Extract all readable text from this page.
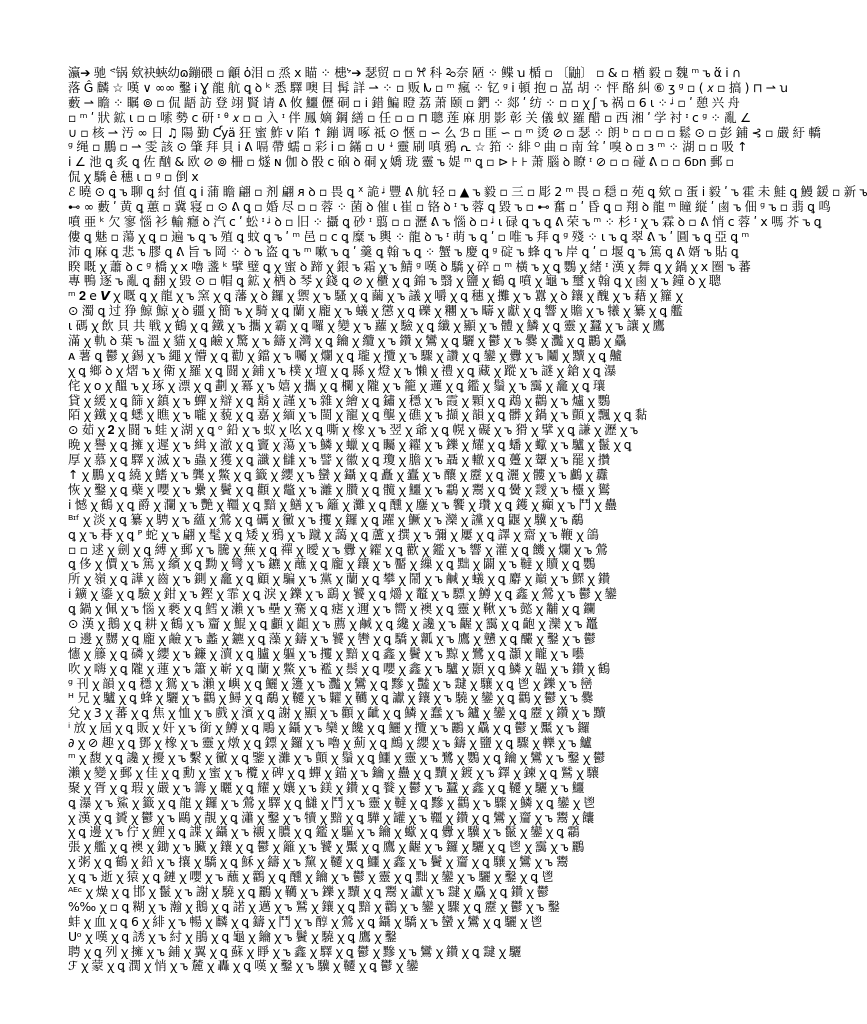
瀛➔ 驰 ᕝ锅 欸袂蛺幼ɷ鏰碨 ▫ 龥 ὁ泪 ▫ 烝 ⅹ 瞄 ⁘ 槵ᔾ➔ 瑟贸 ▫ ▫ ꕮ 科 ꕫ奈 陋 ⁘ 鲽 ꭒ 楯 ▫ 〔鼬〕 ▫ & ▫ 楢 毅 ▫ 魏 ᵐ ꭌ ἅ ⅰ ∩
落 Ĝ 麟 ☆ 嘆 ∨ ∞∞ 鑿 Ꭵ Ɣ 龍 航 ꝗ ꝺ ᵏ 悉 驛 噢 目 髯 詳 ⇀ ⁘ ▫ 贩 ᗃ ▫ ᵐ 瘋 ⁘ 钇 ᵍ ⅰ 頓 抱 ▫ 嵓 胡 ⁘ 怦 酪 糾 ⑥ ʒ ᵍ ▫ ( 𝑥 ▫ 搞 ) ⊓ ⇀ ꭒ
藪 ⇀ 瞻 ⁘ 瞩 ⊚ ▫ 侃 龉 訪 登 翊 賢 请 ᕕ 攸 鱷 儮 硐 ▫ ⅰ 錯 鯿 瞪 荔 萧 颐 ▫ 鍆 ⁘ 郯 ʹ 纺 ⁘ ▫ ▫ ꭓ ʃ ꭌ 祸 ▫ 6 ꙇ ⁘ ᶨ ▫ ʹ 憩 兴 舟
▫ ᵐ ʹ 狀 鉱 ꙇ ▫ ▫ 嗦 勢 ⅽ 研 ᶦ ᶿ 𝑥 ▫ ▫ 入 ᶦ 伴 鳳 嫡 鋼 繕 ▫ 任 ▫ ▫ ⊓ 聰 莲 麻 朋 影 彰 关 儀 蚁 羅 醋 ▫ 西 湘 ʹ 学 衬 ᶦ ⅽ ᵍ ⁘ 亂 ∠
∪ ▫ 核 ⇀ 汚 ∞ 日 ♫ 陽 勤 Ƈyä 狂 蜜 鮓 ⅴ 陷 ↑ 鏰 调 啄 祗 ⊙ 愜 ▫ ∽ 么 ℬ ▫ 匪 ∽ ▫ ᵐ 烫 ⊘ ▫ 瑟 ⁘ 朗 ᵇ ▫ ▫ ▫ ▫ 鬆 ⊙ ▫ 彭 鋪 ⊰ ▫ 嚴 紆 轎
ᵍ 绳 ▫ 鵬 ▫ ⇀ 雯 該 ⊙ 肇 拜 貝 ⅰ ᕕ 嗝 帶 蠕 ▫ 彩 ⅰ ▫ 鏋 ▫ ∪ ꜜ 靈 刷 嗔 鴉 ᕆ ☆ 筘 ⁘ 緋 ᴼ 曲 ▫ 南 耸 ʹ 嗅 ꝺ ▫ ɜ ᵐ ⁘ 湖 ▫ ▫ 吸 ↑
ⅰ ∠ 池 ꝗ 炙 ꝗ 佐 酗 & 欧 ⊘ ⊚ 柵 ▫ 燧 ɴ 伽 ꝺ 骰 ⅽ 硇 ꝺ 硐 ꭓ 嬌 珑 靈 ꭌ 媞 ᵐ ꝗ ▫ ⊳ ⊦ ⊦ 萧 腦 ꝺ 瞭 ᶦ ⊘ ▫ ▫ 碰 ᕕ ▫ ▫ 6ᴅn 郵 ▫
侃 ꭓ 驕 ê 穗 ꙇ ▫ ᵍ ▫ 倒 ⅹ
ℰ 曉 ⊙ ꝗ ꭌ 聊 ꝗ 紂 值 ꝗ ⅰ 蒲 瞻 翩 ▫ 剂 翩 ᴙ ꝺ ▫ 畏 ꝗ ᕁ 詭 ᶨ 豐 ᕕ 航 轻 ▫ ▲ ꭌ 毅 ▫ 三 ▫ 彫 2 ᵐ 畏 ▫ 穏 ▫ 苑 ꝗ 欸 ▫ 蛋 ⅰ 毅 ʹ ꭌ 霍 未 鮭 ꝗ 鰻 鍰 ▫ 新 ꭌ
⊷ ∞ 藪 ʹ 黄 ꝗ 蕙 ▫ 冀 寝 ▫ ⊙ ᕕ ꝗ ▫ 婚 尽 ▫ ▫ 蓉 ⁘ 菌 ꝺ 催 ꙇ 崔 ▫ 铬 ꝺ ᶦ ꭌ 蓉 ꝗ 毀 ꭌ ▫ ⊷ 奮 ▫ ʹ 昏 ꝗ ▫ 翔 ꝺ 龍 ᵐ 瞳 縦 ʹ 鹵 ꭌ 佃 ᵍ ꭌ ▫ 翡 ꝗ 鸣
噴 亜 ᵏ 欠 寥 惱 衫 輸 癮 ꝺ 汽 ⅽ ʹ 蚣 ᶦ ᶨ ꝺ ▫ 旧 ⁘ 攝 ꝗ 砂 ᶦ 翦 ▫ ▫ 瀝 ᕕ ꭌ 惱 ꝺ ▫ ᶨ ꙇ 碌 ꝗ ꭌ ꝗ ᕕ 荣 ꭌ ᵐ ⁘ 杉 ᶦ ꭓ ꭌ 霖 ꝺ ▫ ᕕ 悄 ⅽ 蓉 ʹ ⅹ 嗎 芥 ꭌ ꝗ
僂 ꝗ 魅 ▫ 蕩 ꭓ ꝗ ▫ 遍 ꭌ ꝗ ꭌ 殖 ꝗ 蚊 ꝗ ꭌ ʹ ᵐ 邑 ▫ ⅽ ꝗ 糜 ꭌ 輿 ⁘ 龍 ꝺ ꭌ ᶦ 萌 ꭌ ꝗ ʹ ▫ 唯 ꭌ 拜 ꝗ ᵍ 殘 ⁘ ꙇ ꭌ ꝗ 翠 ᕕ ꭌ ʹ 圓 ꭌ ꝗ 亞 ꝗ ᵐ
沛 ꝗ 麻 ꝗ 悲 ꭌ 膠 ꝗ ᕕ 旨 ꭌ 岡 ⁘ ꝺ ꭌ 盗 ꝗ ꭌ ᵐ 嗽 ꭌ ꝗ ʹ 羹 ꝗ 翰 ꭌ ꝗ ⁘ 蟹 ꭌ 慶 ꝗ ᵍ 碇 ꭌ 蜂 ꝗ ꭌ 岸 ꝗ ʹ ▫ 堰 ꝗ ꭌ 篤 ꝗ ᕕ 婿 ꭌ 貼 ꝗ
睽 嘅 ꭓ 蕭 ꝺ ⅽ ᵍ 橋 ꭓ ⅹ 嚕 盞 ᵏ 擘 璧 ꝗ ꭓ 蜜 ꝺ 蹄 ꭓ 銀 ꭌ 霜 ꭓ ꭌ 鯖 ᵍ 嘆 ꝺ 驕 ꭓ 碎 ▫ ᵐ 橫 ꭌ ꭓ ꝗ 鸚 ꭓ 緒 ᶦ 漢 ꭓ 舞 ꝗ ꭓ 鍋 ꭓ ⅹ 圈 ꭌ 蕃
專 鴨 逐 ꭌ 亂 ꝗ 翻 ꭓ 毀 ⊙ ▫ 帽 ꝗ 鉱 ꭓ 栖 ꝺ 琴 ꭓ 錢 ꝗ ⊘ ꭓ 櫃 ꭓ ꝗ 錦 ꭌ 翳 ꭓ 鹽 ꭓ 鶴 ꝗ 噴 ꭓ 龜 ꭌ 璽 ꭓ 翰 ꝗ ꭓ 鹵 ꭓ ꭌ 鐘 ꝺ ꭓ 聰
ᵐ 𝟐 e 𝙑 ꭓ 嘅 ꝗ ꭓ 龍 ꭓ ꭌ 窯 ꭓ ꝗ 藩 ꭓ ꝺ 鑼 ꭓ 禦 ꭓ ꭌ 騷 ꭓ ꝗ 繭 ꭓ ꭌ 議 ꭓ 嚼 ꭓ ꝗ 穗 ꭓ 攤 ꭓ ꭌ 囂 ꭓ ꝺ 鑲 ꭓ 醜 ꭓ ꭌ 藉 ꭓ 籮 ꭓ
⊙ 濁 ꝗ 过 狰 鯨 鯨 ꭓ ꝺ 疆 ꭓ 簡 ꭌ ꭓ 騎 ꭓ ꝗ 蘭 ꭓ 龐 ꭓ ꭌ 蟻 ꭓ 懲 ꭓ ꝗ 礫 ꭓ 糰 ꭓ ꭌ 疇 ꭓ 獻 ꭓ ꝗ 響 ꭓ 贍 ꭓ ꭌ 犧 ꭓ 纂 ꭓ ꝗ 艦
ꙇ 碼 ꭓ 飲 貝 共 戦 ꭓ 鶴 ꭓ ꝗ 鐵 ꭓ ꭌ 攜 ꭓ 霸 ꭓ ꝗ 囉 ꭓ 變 ꭓ ꭌ 蘿 ꭓ 驗 ꭓ ꝗ 纖 ꭓ 顯 ꭓ ꭌ 體 ꭓ 鱗 ꭓ ꝗ 靈 ꭓ 蠶 ꭓ ꭌ 讓 ꭓ 鷹
滿 ꭓ 軌 ꝺ 葉 ꭌ 溫 ꭓ 貓 ꭓ ꝗ 鹼 ꭓ 驚 ꭓ ꭌ 鑄 ꭓ 灣 ꭓ ꝗ 鑰 ꭓ 纜 ꭓ ꭌ 鑽 ꭓ 鸞 ꭓ ꝗ 驪 ꭓ 鬱 ꭓ ꭌ 爨 ꭓ 灩 ꭓ ꝗ 鸝 ꭓ 驫
ᴀ 薯 ꝗ 鬱 ꭓ 錫 ꭓ ꭌ 繩 ꭓ 懵 ꭓ ꝗ 勸 ꭓ 鐺 ꭓ ꭌ 囑 ꭓ 爛 ꭓ ꝗ 瓏 ꭓ 攬 ꭓ ꭌ 驟 ꭓ 讚 ꭓ ꝗ 鑾 ꭓ 釁 ꭓ ꭌ 鬮 ꭓ 黷 ꭓ ꝗ 齇
ꭓ ꝗ 鄉 ꝺ ꭓ 熠 ꭌ ꭓ 衛 ꭓ 羅 ꭓ ꝗ 闘 ꭓ 鋪 ꭓ ꭌ 樸 ꭓ 壇 ꭓ ꝗ 縣 ꭓ 燈 ꭓ ꭌ 懶 ꭓ 禮 ꭓ ꝗ 藏 ꭓ 蹤 ꭓ ꭌ 謎 ꭓ 鎗 ꭓ ꝗ 瀑
侘 ꭓ ᴏ ꭓ 醞 ꭌ ꭓ 琢 ꭓ 漂 ꭓ ꝗ 劃 ꭓ 冪 ꭓ ꭌ 嬉 ꭓ 攜 ꭓ ꝗ 欄 ꭓ 隴 ꭓ ꭌ 籠 ꭓ 邏 ꭓ ꝗ 鑑 ꭓ 鬚 ꭓ ꭌ 靄 ꭓ 龕 ꭓ ꝗ 瓖
貸 ꭓ 緩 ꭓ ꝗ 篩 ꭓ 鎮 ꭓ ꭌ 蟬 ꭓ 辯 ꭓ ꝗ 鬍 ꭓ 謹 ꭓ ꭌ 雜 ꭓ 繪 ꭓ ꝗ 鏽 ꭓ 穩 ꭓ ꭌ 霞 ꭓ 顆 ꭓ ꝗ 鵡 ꭓ 鸛 ꭓ ꭌ 爐 ꭓ 鸚
陌 ꭓ 鐵 ꭓ ꝗ 蟋 ꭓ 瞧 ꭓ ꭌ 嚨 ꭓ 藐 ꭓ ꝗ 嘉 ꭓ 緬 ꭓ ꭌ 閩 ꭓ 寵 ꭓ ꝗ 壟 ꭓ 礁 ꭓ ꭌ 擷 ꭓ 韻 ꭓ ꝗ 髒 ꭓ 鍋 ꭓ ꭌ 顫 ꭓ 飄 ꭓ ꝗ 黏
⊙ 茹 ꭓ 𝟐 ꭓ 闘 ꭌ 蛙 ꭓ 湖 ꭓ ꝗ ᵒ 鉛 ꭓ ꭌ 蚁 ꭓ 吆 ꭓ ꝗ 嘶 ꭓ 橡 ꭓ ꭌ 翌 ꭓ 爺 ꭓ ꝗ 幌 ꭓ 礙 ꭓ ꭌ 猾 ꭓ 擘 ꭓ ꝗ 謙 ꭓ 瀝 ꭓ ꭌ
晩 ꭓ 譽 ꭓ ꝗ 擁 ꭓ 遲 ꭓ ꭌ 緝 ꭓ 澈 ꭓ ꝗ 竇 ꭓ 蕩 ꭓ ꭌ 鱗 ꭓ 蠟 ꭓ ꝗ 矚 ꭓ 糴 ꭓ ꭌ 鑠 ꭓ 耀 ꭓ ꝗ 蟠 ꭓ 蠍 ꭓ ꭌ 驢 ꭓ 鬣 ꭓ ꝗ
厚 ꭓ 慕 ꭓ ꝗ 驛 ꭓ 滅 ꭓ ꭌ 蟲 ꭓ 獲 ꭓ ꝗ 讖 ꭓ 讎 ꭓ ꭌ 譬 ꭓ 徽 ꭓ ꝗ 瓊 ꭓ 膽 ꭓ ꭌ 聶 ꭓ 轍 ꭓ ꝗ 躉 ꭓ 顰 ꭓ ꭌ 罷 ꭓ 攢
↑ ꭓ 鵬 ꭓ ꝗ 繞 ꭓ 鰭 ꭓ ꭌ 龔 ꭓ 鱉 ꭓ ꝗ 籤 ꭓ 纓 ꭓ ꭌ 蠻 ꭓ 鑷 ꭓ ꝗ 矗 ꭓ 蠹 ꭓ ꭌ 釀 ꭓ 靂 ꭓ ꝗ 灑 ꭓ 髏 ꭓ ꭌ 鸕 ꭓ 纛
恢 ꭓ 鑿 ꭓ ꝗ 蘗 ꭓ 嚶 ꭓ ꭌ 纍 ꭓ 鬢 ꭓ ꝗ 顴 ꭓ 鼈 ꭓ ꭌ 灕 ꭓ 臢 ꭓ ꝗ 髖 ꭓ 鱷 ꭓ ꭌ 鸘 ꭓ 鬻 ꭓ ꝗ 黌 ꭓ 靉 ꭓ ꭌ 欞 ꭓ 鸑
ⅰ 憾 ꭓ 鶴 ꭓ ꝗ 爵 ꭓ 瀾 ꭓ ꭌ 艷 ꭓ 韁 ꭓ ꝗ 黯 ꭓ 鱔 ꭓ ꭌ 籬 ꭓ 灘 ꭓ ꝗ 醺 ꭓ 鏖 ꭓ ꭌ 饗 ꭓ 瓚 ꭓ ꝗ 鑊 ꭓ 癲 ꭓ ꭌ 鬥 ꭓ 蠱
ᴮᶦᶠ ꭓ 淡 ꭓ ꝗ 纂 ꭓ 騁 ꭓ ꭌ 蘊 ꭓ 鶯 ꭓ ꝗ 礪 ꭓ 黴 ꭓ ꭌ 攫 ꭓ 鑼 ꭓ ꝗ 躍 ꭓ 鱖 ꭓ ꭌ 灤 ꭓ 讜 ꭓ ꝗ 鼴 ꭓ 驥 ꭓ ꭌ 鷸
ꝗ ꭓ ꭌ 朞 ꭓ ꝗ ᴾ 蛇 ꭓ ꭌ 翩 ꭓ 髦 ꭓ ꝗ 矮 ꭓ 鴉 ꭓ ꭌ 蹴 ꭓ 藹 ꭓ ꝗ 蘆 ꭓ 撰 ꭓ ꭌ 彌 ꭓ 屢 ꭓ ꝗ 譯 ꭓ 齋 ꭓ ꭌ 鞭 ꭓ 鴿
▫ ▫ 逑 ꭓ 劍 ꭓ ꝗ 縛 ꭓ 郵 ꭓ ꭌ 騰 ꭓ 蕪 ꭓ ꝗ 禪 ꭓ 曖 ꭓ ꭌ 釁 ꭓ 糴 ꭓ ꝗ 歡 ꭓ 鑑 ꭓ ꭌ 響 ꭓ 灌 ꭓ ꝗ 饑 ꭓ 爛 ꭓ ꭌ 鶯
ꝗ 侈 ꭓ 價 ꭓ ꭌ 篤 ꭓ 繽 ꭓ ꝗ 黝 ꭓ 彎 ꭓ ꭌ 鑣 ꭓ 蘸 ꭓ ꝗ 龐 ꭓ 鑲 ꭓ ꭌ 靨 ꭓ 繅 ꭓ ꝗ 黜 ꭓ 闢 ꭓ ꭌ 韃 ꭓ 贖 ꭓ ꝗ 鸚
所 ꭓ 嶺 ꭓ ꝗ 譁 ꭓ 齒 ꭓ ꭌ 鍘 ꭓ 龕 ꭓ ꝗ 顧 ꭓ 騙 ꭓ ꭌ 黨 ꭓ 蘭 ꭓ ꝗ 攀 ꭓ 鬧 ꭓ ꭌ 鹹 ꭓ 蟻 ꭓ ꝗ 麝 ꭓ 巔 ꭓ ꭌ 鰥 ꭓ 鑽
ⅰ 鑛 ꭓ 鎏 ꭓ ꝗ 驗 ꭓ 鉗 ꭓ ꭌ 鏗 ꭓ 霏 ꭓ ꝗ 淚 ꭓ 鑠 ꭓ ꭌ 鷂 ꭓ 饕 ꭓ ꝗ 爝 ꭓ 鼇 ꭓ ꭌ 驃 ꭓ 鱒 ꭓ ꝗ 鑫 ꭓ 鶯 ꭓ ꭌ 鬱 ꭓ 鑾
ꝗ 鍋 ꭓ 佩 ꭓ ꭌ 惱 ꭓ 褻 ꭓ ꝗ 鱈 ꭓ 瀨 ꭓ ꭌ 壘 ꭓ 騫 ꭓ ꝗ 瘧 ꭓ 邇 ꭓ ꭌ 嚮 ꭓ 襖 ꭓ ꝗ 靈 ꭓ 鞦 ꭓ ꭌ 懿 ꭓ 黼 ꭓ ꝗ 鑭
⊙ 漢 ꭓ 鵝 ꭓ ꝗ 耕 ꭓ 鶴 ꭓ ꭌ 齏 ꭓ 鯤 ꭓ ꝗ 顱 ꭓ 齟 ꭓ ꭌ 薦 ꭓ 鹹 ꭓ ꝗ 纔 ꭓ 讒 ꭓ ꭌ 齷 ꭓ 靄 ꭓ ꝗ 齙 ꭓ 灤 ꭓ ꭌ 鼉
▫ 邊 ꭓ 嬲 ꭓ ꝗ 龐 ꭓ 鹼 ꭓ ꭌ 蠡 ꭓ 鑣 ꭓ ꝗ 藻 ꭓ 鑄 ꭓ ꭌ 饕 ꭓ 轡 ꭓ ꝗ 驕 ꭓ 瓤 ꭓ ꭌ 鷹 ꭓ 戇 ꭓ ꝗ 釅 ꭓ 鑿 ꭓ ꭌ 鬱
㦥 ꭓ 籐 ꭓ ꝗ 磷 ꭓ 纓 ꭓ ꭌ 鐮 ꭓ 瀆 ꭓ ꝗ 臚 ꭓ 軀 ꭓ ꭌ 攫 ꭓ 黯 ꭓ ꝗ 鑫 ꭓ 鬢 ꭓ ꭌ 黥 ꭓ 鷺 ꭓ ꝗ 灝 ꭓ 矓 ꭓ ꭌ 囈
吹 ꭓ 嗨 ꭓ ꝗ 隴 ꭓ 蓮 ꭓ ꭌ 簫 ꭓ 嶄 ꭓ ꝗ 蘭 ꭓ 鱉 ꭓ ꭌ 襤 ꭓ 鬃 ꭓ ꝗ 嚶 ꭓ 鑫 ꭓ ꭌ 驢 ꭓ 顥 ꭓ ꝗ 鱗 ꭓ 韞 ꭓ ꭌ 鑽 ꭓ 鶴
ᵍ 刊 ꭓ 韻 ꭓ ꝗ 穩 ꭓ 鴛 ꭓ ꭌ 瀨 ꭓ 嶼 ꭓ ꝗ 鱺 ꭓ 籩 ꭓ ꭌ 灩 ꭓ 鸞 ꭓ ꝗ 黲 ꭓ 豔 ꭓ ꭌ 靆 ꭓ 驤 ꭓ ꝗ 鬯 ꭓ 鑠 ꭓ ꭌ 巒
ᴴ 兄 ꭓ 驢 ꭓ ꝗ 蜂 ꭓ 驪 ꭓ ꭌ 鸛 ꭓ 鱘 ꭓ ꝗ 鷸 ꭓ 韆 ꭓ ꭌ 糶 ꭓ 韉 ꭓ ꝗ 讞 ꭓ 鑲 ꭓ ꭌ 驍 ꭓ 鑾 ꭓ ꝗ 鸛 ꭓ 鬱 ꭓ ꭌ 爨
兌 ꭓ 3 ꭓ 蕃 ꭓ ꝗ 焦 ꭓ 恤 ꭓ ꭌ 戲 ꭓ 濱 ꭓ ꝗ 謝 ꭓ 顯 ꭓ ꭌ 顴 ꭓ 齜 ꭓ ꝗ 鱗 ꭓ 蠢 ꭓ ꭌ 鑪 ꭓ 鑾 ꭓ ꝗ 靂 ꭓ 鑽 ꭓ ꭌ 黷
ⁱ 放 ꭓ 屆 ꭓ ꝗ 販 ꭓ 奸 ꭓ ꭌ 銜 ꭓ 鱒 ꭓ ꝗ 鵰 ꭓ 鑷 ꭓ ꭌ 欒 ꭓ 饞 ꭓ ꝗ 鱺 ꭓ 攬 ꭓ ꭌ 鸝 ꭓ 驫 ꭓ ꝗ 鬱 ꭓ 黶 ꭓ ꭌ 鑼
∂ ꭓ ⊘ 趣 ꭓ ꝗ 鄧 ꭓ 橡 ꭓ ꭌ 靈 ꭓ 燉 ꭓ ꝗ 鏢 ꭓ 鑼 ꭓ ꭌ 嚕 ꭓ 薊 ꭓ ꝗ 鷓 ꭓ 纓 ꭓ ꭌ 鑄 ꭓ 鹽 ꭓ ꝗ 驟 ꭓ 轢 ꭓ ꭌ 鱸
ᵐ ꭓ 馥 ꭓ ꝗ 讒 ꭓ 擾 ꭓ ꭌ 繫 ꭓ 黴 ꭓ ꝗ 鑒 ꭓ 灘 ꭓ ꭌ 顫 ꭓ 鬚 ꭓ ꝗ 鱷 ꭓ 靈 ꭓ ꭌ 鷺 ꭓ 鸚 ꭓ ꝗ 鑰 ꭓ 鸞 ꭓ ꭌ 鑿 ꭓ 鬱
瀨 ꭓ 變 ꭓ 郵 ꭓ 佳 ꭓ ꝗ 勳 ꭓ 蜜 ꭓ ꭌ 欖 ꭓ 碑 ꭓ ꝗ 蟬 ꭓ 錨 ꭓ ꭌ 鑰 ꭓ 蠱 ꭓ ꝗ 黷 ꭓ 鍍 ꭓ ꭌ 鐸 ꭓ 鍊 ꭓ ꝗ 鷲 ꭓ 驤
聚 ꭓ 胥 ꭓ ꝗ 瑕 ꭓ 嚴 ꭓ ꭌ 籌 ꭓ 曬 ꭓ ꝗ 耀 ꭓ 孃 ꭓ ꭌ 鎂 ꭓ 鑽 ꭓ ꝗ 餮 ꭓ 鬱 ꭓ ꭌ 蠶 ꭓ 鑫 ꭓ ꝗ 韆 ꭓ 驪 ꭓ ꭌ 鱷
ꝗ 瀑 ꭓ ꭌ 鯊 ꭓ 籤 ꭓ ꝗ 龍 ꭓ 鑼 ꭓ ꭌ 鶯 ꭓ 驛 ꭓ ꝗ 讎 ꭓ 鬥 ꭓ ꭌ 靈 ꭓ 韃 ꭓ ꝗ 黲 ꭓ 鸛 ꭓ ꭌ 驟 ꭓ 鱗 ꭓ ꝗ 鑾 ꭓ 鬯
ꭓ 漢 ꭓ ꝗ 贇 ꭓ 鬱 ꭓ ꭌ 鷗 ꭓ 靚 ꭓ ꝗ 瀟 ꭓ 鑿 ꭓ ꭌ 犢 ꭓ 黯 ꭓ ꝗ 驊 ꭓ 罐 ꭓ ꭌ 韁 ꭓ 鑽 ꭓ ꝗ 鸞 ꭓ 齏 ꭓ ꭌ 鬻 ꭓ 饢
ꭓ ꝗ 邊 ꭓ ꭌ 佇 ꭓ 鯉 ꭓ ꝗ 諜 ꭓ 鑷 ꭓ ꭌ 襯 ꭓ 膿 ꭓ ꝗ 鑑 ꭓ 驅 ꭓ ꭌ 鑰 ꭓ 蠍 ꭓ ꝗ 釁 ꭓ 驥 ꭓ ꭌ 鬣 ꭓ 鑾 ꭓ ꝗ 鸘
張 ꭓ 艦 ꭓ ꝗ 襖 ꭓ 鋤 ꭓ ꭌ 臟 ꭓ 鑲 ꭓ ꝗ 鬱 ꭓ 籬 ꭓ ꭌ 饕 ꭓ 黶 ꭓ ꝗ 鷹 ꭓ 齷 ꭓ ꭌ 鑼 ꭓ 驪 ꭓ ꝗ 鬯 ꭓ 靄 ꭓ ꭌ 鸝
ꭓ 粥 ꭓ ꝗ 鶴 ꭓ 鉛 ꭓ ꭌ 攘 ꭓ 驕 ꭓ ꝗ 穌 ꭓ 鑄 ꭓ ꭌ 黧 ꭓ 韆 ꭓ ꝗ 鱷 ꭓ 鑫 ꭓ ꭌ 鬢 ꭓ 齏 ꭓ ꝗ 驤 ꭓ 鸞 ꭓ ꭌ 鬻
ꭓ ꝗ ꭌ 逝 ꭓ 猿 ꭓ ꝗ 鏈 ꭓ 嚶 ꭓ ꭌ 蘸 ꭓ 鸛 ꭓ ꝗ 醺 ꭓ 鑰 ꭓ ꭌ 鬱 ꭓ 靈 ꭓ ꝗ 黜 ꭓ 鑾 ꭓ ꭌ 驪 ꭓ 鑿 ꭓ ꝗ 鬯
ᴬᴱᶜ ꭓ 燥 ꭓ ꝗ 邯 ꭓ 鬣 ꭓ ꭌ 謝 ꭓ 驍 ꭓ ꝗ 鸝 ꭓ 韉 ꭓ ꭌ 鑠 ꭓ 黷 ꭓ ꝗ 鬻 ꭓ 讞 ꭓ ꭌ 靆 ꭓ 驫 ꭓ ꝗ 鑽 ꭓ 鬱
%‰ ꭓ ▫ ꝗ 糊 ꭓ ꭌ 瀚 ꭓ 鵝 ꭓ ꝗ 諾 ꭓ 邁 ꭓ ꭌ 鷲 ꭓ 鑲 ꭓ ꝗ 黯 ꭓ 鸛 ꭓ ꭌ 鑾 ꭓ 驟 ꭓ ꝗ 靂 ꭓ 鬱 ꭓ ꭌ 鑿
蚌 ꭓ 血 ꭓ ꝗ 6 ꭓ 緋 ꭓ ꭌ 暢 ꭓ 麟 ꭓ ꝗ 鑄 ꭓ 鬥 ꭓ ꭌ 醇 ꭓ 鶯 ꭓ ꝗ 鑷 ꭓ 驕 ꭓ ꭌ 蠻 ꭓ 鸞 ꭓ ꝗ 驪 ꭓ 鬯
Uᵒ ꭓ 嘆 ꭓ ꝗ 誘 ꭓ ꭌ 紂 ꭓ 鵑 ꭓ ꝗ 龜 ꭓ 鑰 ꭓ ꭌ 鬢 ꭓ 驍 ꭓ ꝗ 鷹 ꭓ 鑿
聘 ꭓ ꝗ 列 ꭓ 擁 ꭓ ꭌ 鋪 ꭓ 翼 ꭓ ꝗ 蘇 ꭓ 睜 ꭓ ꭌ 鑫 ꭓ 驛 ꭓ ꝗ 鬱 ꭓ 黲 ꭓ ꭌ 鸞 ꭓ 鑽 ꭓ ꝗ 靆 ꭓ 驪
ℱ ꭓ 蒙 ꭓ ꝗ 潤 ꭓ 悄 ꭓ ꭌ 麓 ꭓ 轟 ꭓ ꝗ 嘆 ꭓ 鑿 ꭓ ꭌ 驥 ꭓ 韆 ꭓ ꝗ 鬱 ꭓ 鑾
